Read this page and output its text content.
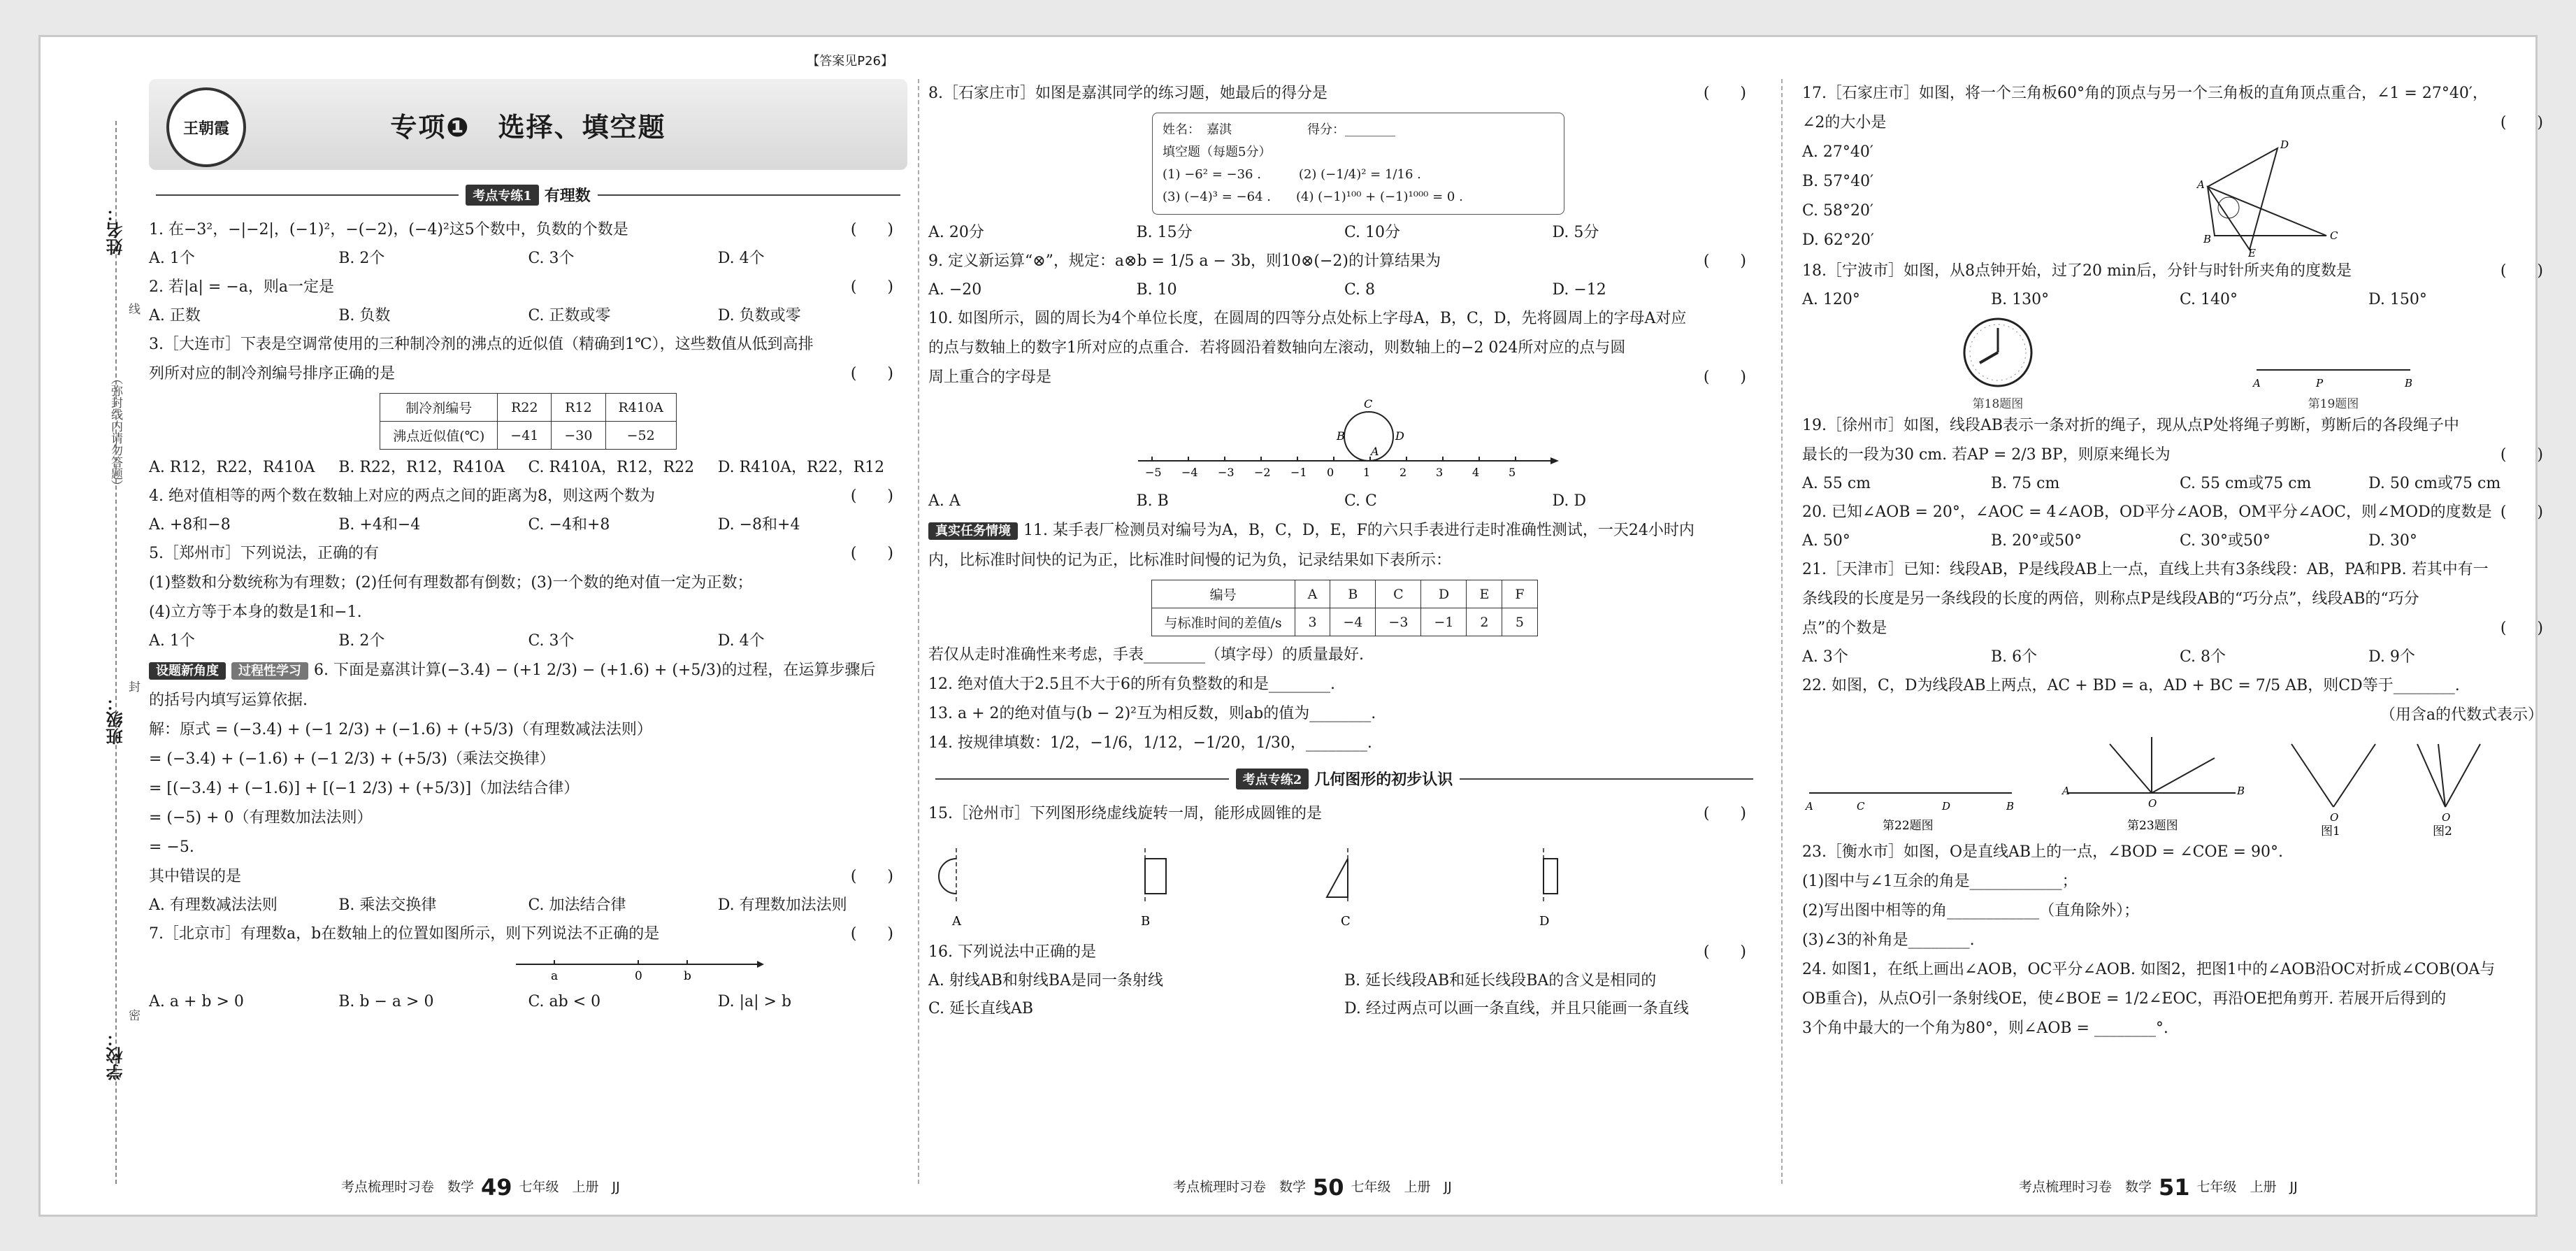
姓名：
（弥封线内请勿答题）
班级：
学校：
线
封
密
【答案见P26】
王朝霞	专项❶　选择、填空题
考点专练1 有理数

1. 在−3²，−|−2|，(−1)²，−(−2)，(−4)²这5个数中，负数的个数是	(　　)

A. 1个	B. 2个	C. 3个	D. 4个

2. 若|a| = −a，则a一定是	(　　)

A. 正数	B. 负数	C. 正数或零	D. 负数或零

3.［大连市］下表是空调常使用的三种制冷剂的沸点的近似值（精确到1℃），这些数值从低到高排

列所对应的制冷剂编号排序正确的是	(　　)

制冷剂编号	R22	R12	R410A
沸点近似值(℃)	−41	−30	−52
A. R12，R22，R410A	B. R22，R12，R410A	C. R410A，R12，R22	D. R410A，R22，R12

4. 绝对值相等的两个数在数轴上对应的两点之间的距离为8，则这两个数为	(　　)

A. +8和−8	B. +4和−4	C. −4和+8	D. −8和+4

5.［郑州市］下列说法，正确的有	(　　)

(1)整数和分数统称为有理数；(2)任何有理数都有倒数；(3)一个数的绝对值一定为正数；

(4)立方等于本身的数是1和−1.

A. 1个	B. 2个	C. 3个	D. 4个

设题新角度 过程性学习 6. 下面是嘉淇计算(−3.4) − (+1 2/3) − (+1.6) + (+5/3)的过程，在运算步骤后

的括号内填写运算依据.

解：原式 = (−3.4) + (−1 2/3) + (−1.6) + (+5/3)（有理数减法法则）

= (−3.4) + (−1.6) + (−1 2/3) + (+5/3)（乘法交换律）

= [(−3.4) + (−1.6)] + [(−1 2/3) + (+5/3)]（加法结合律）

= (−5) + 0（有理数加法法则）

= −5.

其中错误的是	(　　)

A. 有理数减法法则	B. 乘法交换律	C. 加法结合律	D. 有理数加法法则

7.［北京市］有理数a，b在数轴上的位置如图所示，则下列说法不正确的是	(　　)

a	0	b
A. a + b > 0	B. b − a > 0	C. ab < 0	D. |a| > b

8.［石家庄市］如图是嘉淇同学的练习题，她最后的得分是	(　　)

姓名：　嘉淇　　　　　　得分：________
填空题（每题5分）
(1) −6² = −36 .　　　(2) (−1/4)² = 1/16 .
(3) (−4)³ = −64 .　　(4) (−1)¹⁰⁰ + (−1)¹⁰⁰⁰ = 0 .
A. 20分	B. 15分	C. 10分	D. 5分

9. 定义新运算“⊗”，规定：a⊗b = 1/5 a − 3b，则10⊗(−2)的计算结果为	(　　)

A. −20	B. 10	C. 8	D. −12

10. 如图所示，圆的周长为4个单位长度，在圆周的四等分点处标上字母A，B，C，D，先将圆周上的字母A对应

的点与数轴上的数字1所对应的点重合．若将圆沿着数轴向左滚动，则数轴上的−2 024所对应的点与圆

周上重合的字母是	(　　)

C
B	D
A
−5 −4 −3 −2 −1 0	1	2	3	4	5
A. A	B. B	C. C	D. D

真实任务情境 11. 某手表厂检测员对编号为A，B，C，D，E，F的六只手表进行走时准确性测试，一天24小时内

内，比标准时间快的记为正，比标准时间慢的记为负，记录结果如下表所示：

编号	A	B	C	D	E	F
与标准时间的差值/s	3	−4	−3	−1	2	5

若仅从走时准确性来考虑，手表________（填字母）的质量最好.

12. 绝对值大于2.5且不大于6的所有负整数的和是________.

13. a + 2的绝对值与(b − 2)²互为相反数，则ab的值为________.

14. 按规律填数：1/2，−1/6，1/12，−1/20，1/30，________.

考点专练2 几何图形的初步认识

15.［沧州市］下列图形绕虚线旋转一周，能形成圆锥的是	(　　)

A	B	C	D

16. 下列说法中正确的是	(　　)

A. 射线AB和射线BA是同一条射线	B. 延长线段AB和延长线段BA的含义是相同的
C. 延长直线AB	D. 经过两点可以画一条直线，并且只能画一条直线

17.［石家庄市］如图，将一个三角板60°角的顶点与另一个三角板的直角顶点重合，∠1 = 27°40′，

∠2的大小是	(　　)

A. 27°40′
B. 57°40′
C. 58°20′
D. 62°20′
A
D
B	C
E

18.［宁波市］如图，从8点钟开始，过了20 min后，分针与时针所夹角的度数是	(　　)

A. 120°	B. 130°	C. 140°	D. 150°
第18题图
A	P	B
第19题图

19.［徐州市］如图，线段AB表示一条对折的绳子，现从点P处将绳子剪断，剪断后的各段绳子中

最长的一段为30 cm. 若AP = 2/3 BP，则原来绳长为	(　　)

A. 55 cm	B. 75 cm	C. 55 cm或75 cm	D. 50 cm或75 cm

20. 已知∠AOB = 20°，∠AOC = 4∠AOB，OD平分∠AOB，OM平分∠AOC，则∠MOD的度数是 (　　)

A. 50°	B. 20°或50°	C. 30°或50°	D. 30°

21.［天津市］已知：线段AB，P是线段AB上一点，直线上共有3条线段：AB，PA和PB. 若其中有一

条线段的长度是另一条线段的长度的两倍，则称点P是线段AB的“巧分点”，线段AB的“巧分

点”的个数是	(　　)

A. 3个	B. 6个	C. 8个	D. 9个

22. 如图，C，D为线段AB上两点，AC + BD = a，AD + BC = 7/5 AB，则CD等于________.

（用含a的代数式表示）

A	C	D	B
第22题图
A	B
O
第23题图
O
图1
O
图2

23.［衡水市］如图，O是直线AB上的一点，∠BOD = ∠COE = 90°.

(1)图中与∠1互余的角是____________；

(2)写出图中相等的角____________（直角除外）；

(3)∠3的补角是________.

24. 如图1，在纸上画出∠AOB，OC平分∠AOB. 如图2，把图1中的∠AOB沿OC对折成∠COB(OA与

OB重合)，从点O引一条射线OE，使∠BOE = 1/2∠EOC，再沿OE把角剪开. 若展开后得到的

3个角中最大的一个角为80°，则∠AOB = ________°.

考点梳理时习卷　数学 49 七年级　上册　JJ	考点梳理时习卷　数学 50 七年级　上册　JJ	考点梳理时习卷　数学 51 七年级　上册　JJ
